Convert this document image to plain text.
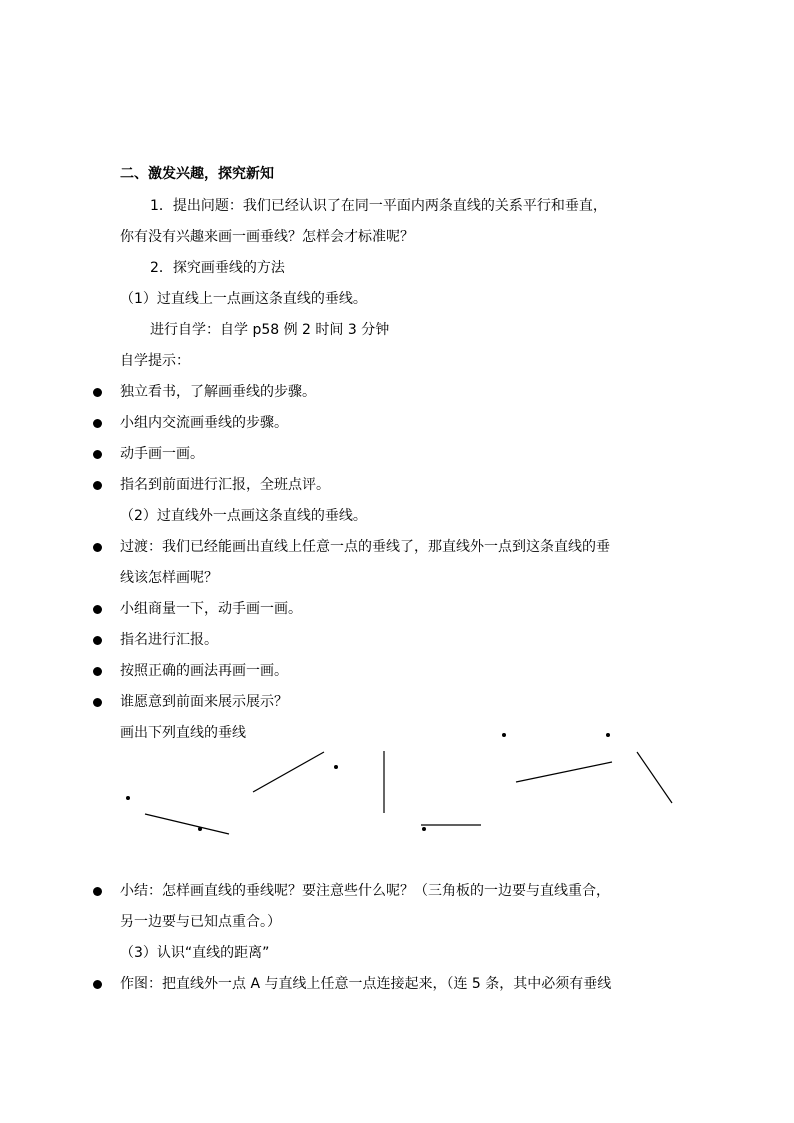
二、激发兴趣，探究新知
1．提出问题：我们已经认识了在同一平面内两条直线的关系平行和垂直，
你有没有兴趣来画一画垂线？怎样会才标准呢？
2．探究画垂线的方法
（1）过直线上一点画这条直线的垂线。
进行自学：自学 p58 例 2 时间 3 分钟
自学提示：
独立看书，了解画垂线的步骤。
小组内交流画垂线的步骤。
动手画一画。
指名到前面进行汇报，全班点评。
（2）过直线外一点画这条直线的垂线。
过渡：我们已经能画出直线上任意一点的垂线了，那直线外一点到这条直线的垂
线该怎样画呢？
小组商量一下，动手画一画。
指名进行汇报。
按照正确的画法再画一画。
谁愿意到前面来展示展示？
画出下列直线的垂线
小结：怎样画直线的垂线呢？要注意些什么呢？（三角板的一边要与直线重合，
另一边要与已知点重合。）
（3）认识“直线的距离”
作图：把直线外一点 A 与直线上任意一点连接起来，（连 5 条，其中必须有垂线
